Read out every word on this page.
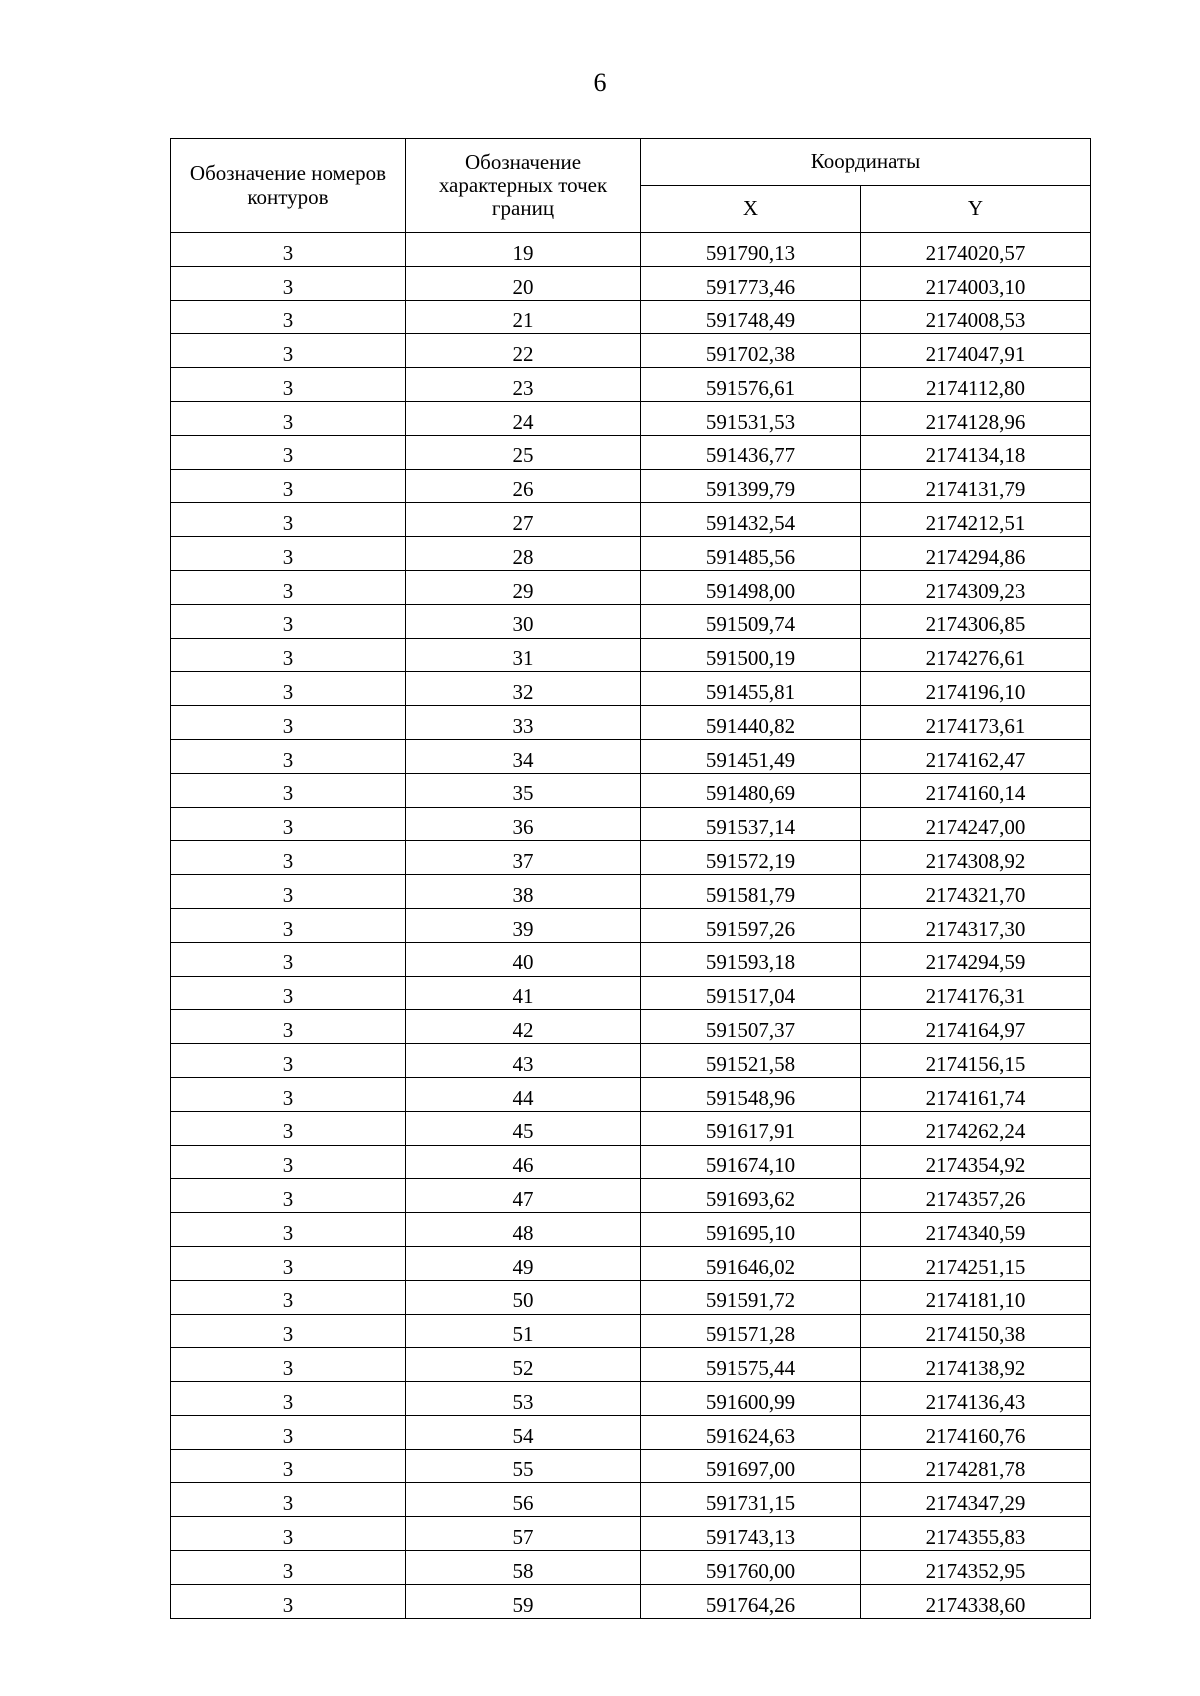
6
Обозначение номеров контуров	Обозначение характерных точек границ	Координаты	
		X	Y
3	19	591790,13	2174020,57
3	20	591773,46	2174003,10
3	21	591748,49	2174008,53
3	22	591702,38	2174047,91
3	23	591576,61	2174112,80
3	24	591531,53	2174128,96
3	25	591436,77	2174134,18
3	26	591399,79	2174131,79
3	27	591432,54	2174212,51
3	28	591485,56	2174294,86
3	29	591498,00	2174309,23
3	30	591509,74	2174306,85
3	31	591500,19	2174276,61
3	32	591455,81	2174196,10
3	33	591440,82	2174173,61
3	34	591451,49	2174162,47
3	35	591480,69	2174160,14
3	36	591537,14	2174247,00
3	37	591572,19	2174308,92
3	38	591581,79	2174321,70
3	39	591597,26	2174317,30
3	40	591593,18	2174294,59
3	41	591517,04	2174176,31
3	42	591507,37	2174164,97
3	43	591521,58	2174156,15
3	44	591548,96	2174161,74
3	45	591617,91	2174262,24
3	46	591674,10	2174354,92
3	47	591693,62	2174357,26
3	48	591695,10	2174340,59
3	49	591646,02	2174251,15
3	50	591591,72	2174181,10
3	51	591571,28	2174150,38
3	52	591575,44	2174138,92
3	53	591600,99	2174136,43
3	54	591624,63	2174160,76
3	55	591697,00	2174281,78
3	56	591731,15	2174347,29
3	57	591743,13	2174355,83
3	58	591760,00	2174352,95
3	59	591764,26	2174338,60
